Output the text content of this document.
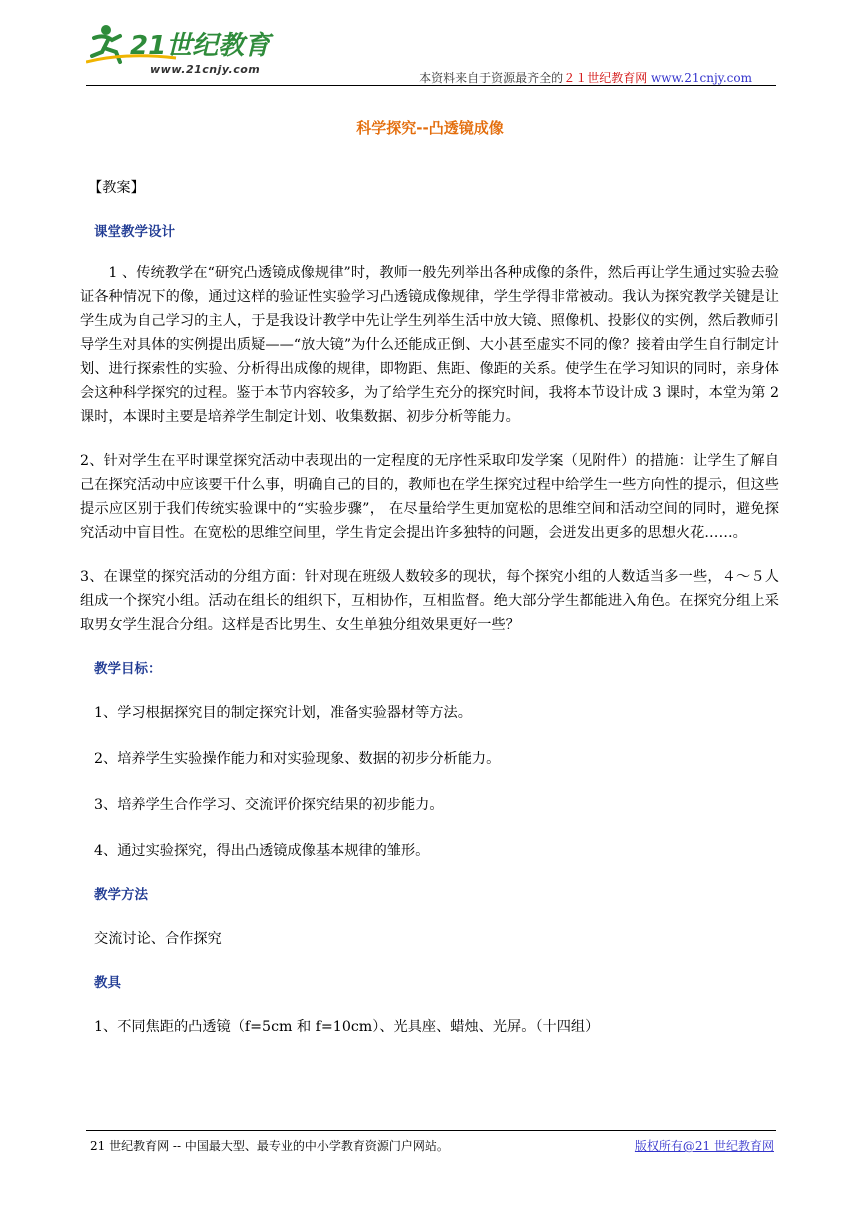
21世纪教育
www.21cnjy.com
本资料来自于资源最齐全的２１世纪教育网 www.21cnjy.com
科学探究--凸透镜成像

【教案】

课堂教学设计

1 、传统教学在“研究凸透镜成像规律”时，教师一般先列举出各种成像的条件，然后再让学生通过实验去验证各种情况下的像，通过这样的验证性实验学习凸透镜成像规律，学生学得非常被动。我认为探究教学关键是让学生成为自己学习的主人，于是我设计教学中先让学生列举生活中放大镜、照像机、投影仪的实例，然后教师引导学生对具体的实例提出质疑——“放大镜”为什么还能成正倒、大小甚至虚实不同的像？接着由学生自行制定计划、进行探索性的实验、分析得出成像的规律，即物距、焦距、像距的关系。使学生在学习知识的同时，亲身体会这种科学探究的过程。鉴于本节内容较多，为了给学生充分的探究时间，我将本节设计成 3 课时，本堂为第 2 课时，本课时主要是培养学生制定计划、收集数据、初步分析等能力。

2、针对学生在平时课堂探究活动中表现出的一定程度的无序性采取印发学案（见附件）的措施：让学生了解自己在探究活动中应该要干什么事，明确自己的目的，教师也在学生探究过程中给学生一些方向性的提示，但这些提示应区别于我们传统实验课中的“实验步骤”， 在尽量给学生更加宽松的思维空间和活动空间的同时，避免探究活动中盲目性。在宽松的思维空间里，学生肯定会提出许多独特的问题，会迸发出更多的思想火花……。

3、在课堂的探究活动的分组方面：针对现在班级人数较多的现状，每个探究小组的人数适当多一些，４～５人组成一个探究小组。活动在组长的组织下，互相协作，互相监督。绝大部分学生都能进入角色。在探究分组上采取男女学生混合分组。这样是否比男生、女生单独分组效果更好一些？

教学目标：

1、学习根据探究目的制定探究计划，准备实验器材等方法。

2、培养学生实验操作能力和对实验现象、数据的初步分析能力。

3、培养学生合作学习、交流评价探究结果的初步能力。

4、通过实验探究，得出凸透镜成像基本规律的雏形。

教学方法

交流讨论、合作探究

教具

1、不同焦距的凸透镜（f=5cm 和 f=10cm）、光具座、蜡烛、光屏。（十四组）

21 世纪教育网 -- 中国最大型、最专业的中小学教育资源门户网站。	版权所有@21 世纪教育网
